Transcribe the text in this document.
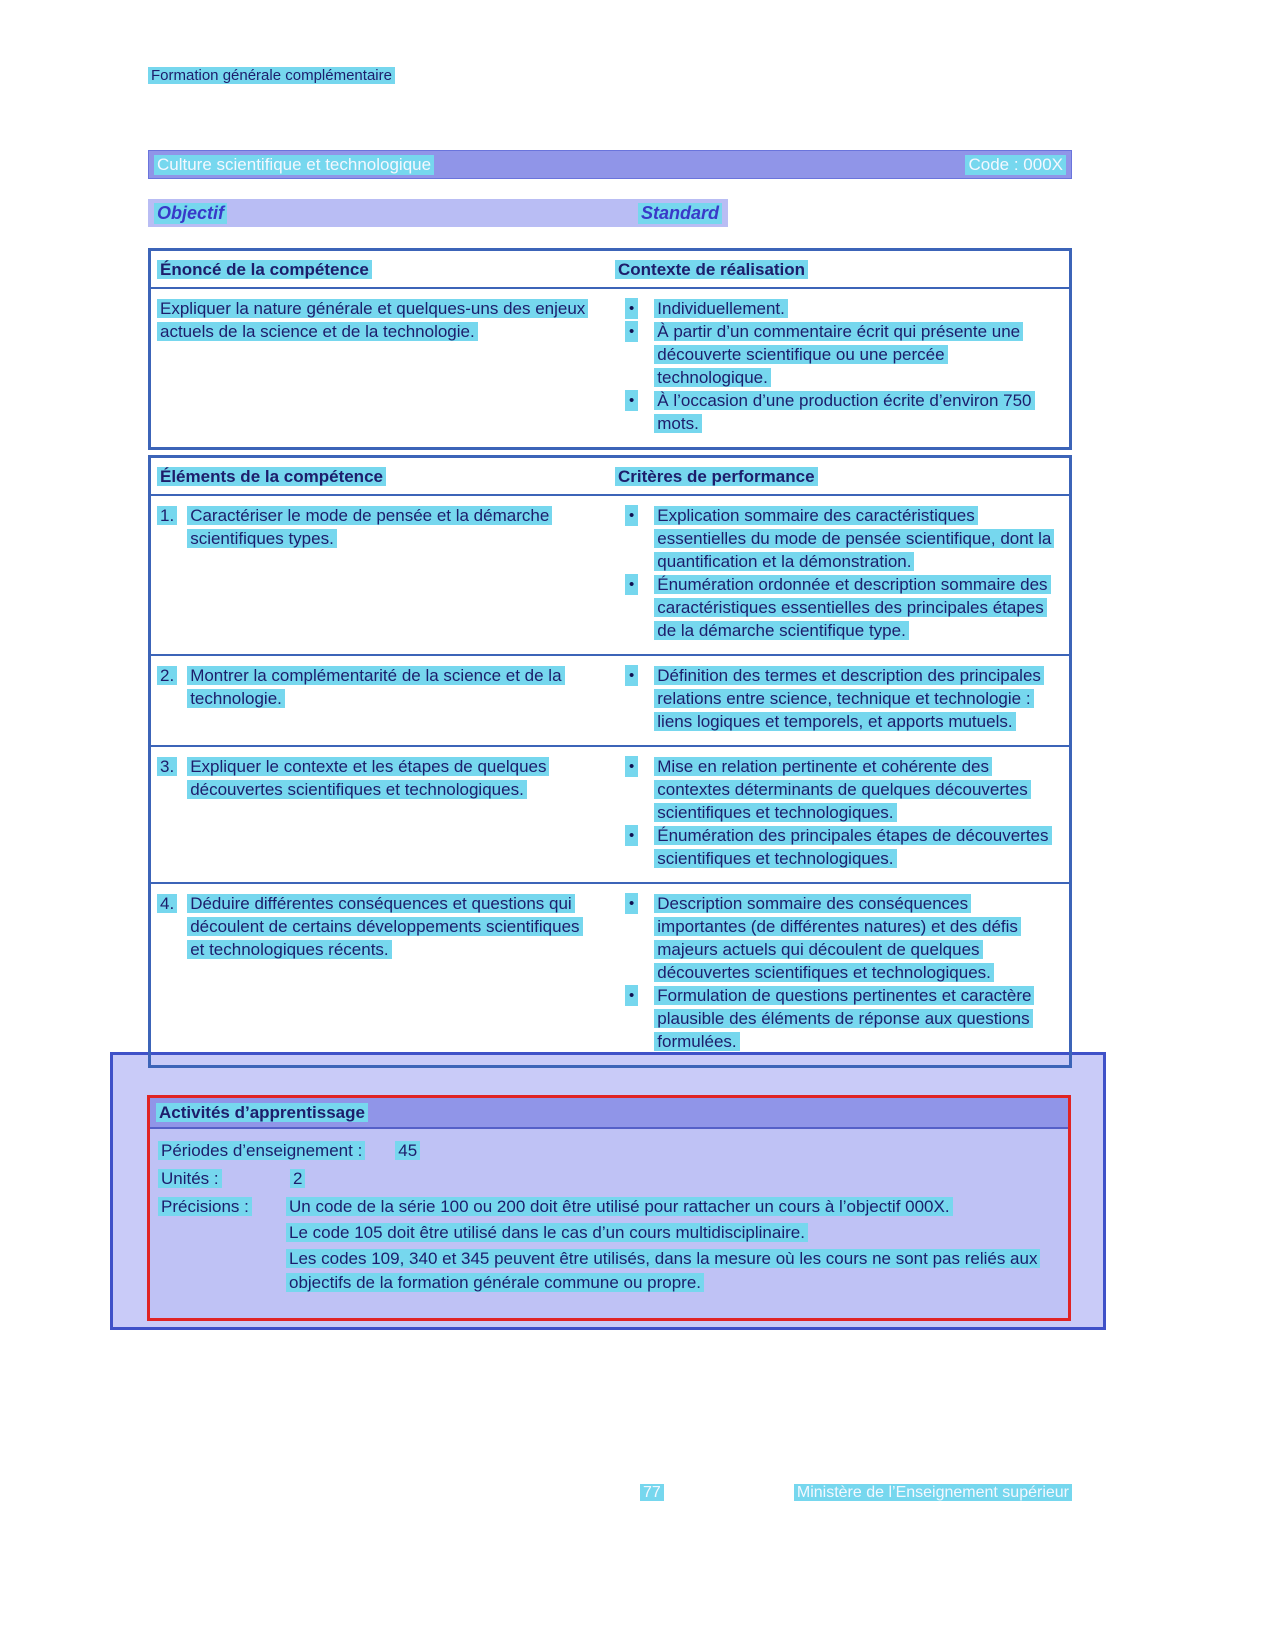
Formation générale complémentaire
Culture scientifique et technologique	Code : 000X
Objectif	Standard
Énoncé de la compétence	Contexte de réalisation
Expliquer la nature générale et quelques-uns des enjeux actuels de la science et de la technologie.
• Individuellement.
• À partir d’un commentaire écrit qui présente une découverte scientifique ou une percée technologique.
• À l’occasion d’une production écrite d’environ 750 mots.
Éléments de la compétence	Critères de performance
1. Caractériser le mode de pensée et la démarche scientifiques types.
• Explication sommaire des caractéristiques essentielles du mode de pensée scientifique, dont la quantification et la démonstration.
• Énumération ordonnée et description sommaire des caractéristiques essentielles des principales étapes de la démarche scientifique type.
2. Montrer la complémentarité de la science et de la technologie.
• Définition des termes et description des principales relations entre science, technique et technologie : liens logiques et temporels, et apports mutuels.
3. Expliquer le contexte et les étapes de quelques découvertes scientifiques et technologiques.
• Mise en relation pertinente et cohérente des contextes déterminants de quelques découvertes scientifiques et technologiques.
• Énumération des principales étapes de découvertes scientifiques et technologiques.
4. Déduire différentes conséquences et questions qui découlent de certains développements scientifiques et technologiques récents.
• Description sommaire des conséquences importantes (de différentes natures) et des défis majeurs actuels qui découlent de quelques découvertes scientifiques et technologiques.
• Formulation de questions pertinentes et caractère plausible des éléments de réponse aux questions formulées.
Activités d’apprentissage
Périodes d’enseignement : 45
Unités :	2
Précisions :	Un code de la série 100 ou 200 doit être utilisé pour rattacher un cours à l’objectif 000X.
Le code 105 doit être utilisé dans le cas d’un cours multidisciplinaire.
Les codes 109, 340 et 345 peuvent être utilisés, dans la mesure où les cours ne sont pas reliés aux objectifs de la formation générale commune ou propre.
77	Ministère de l’Enseignement supérieur
